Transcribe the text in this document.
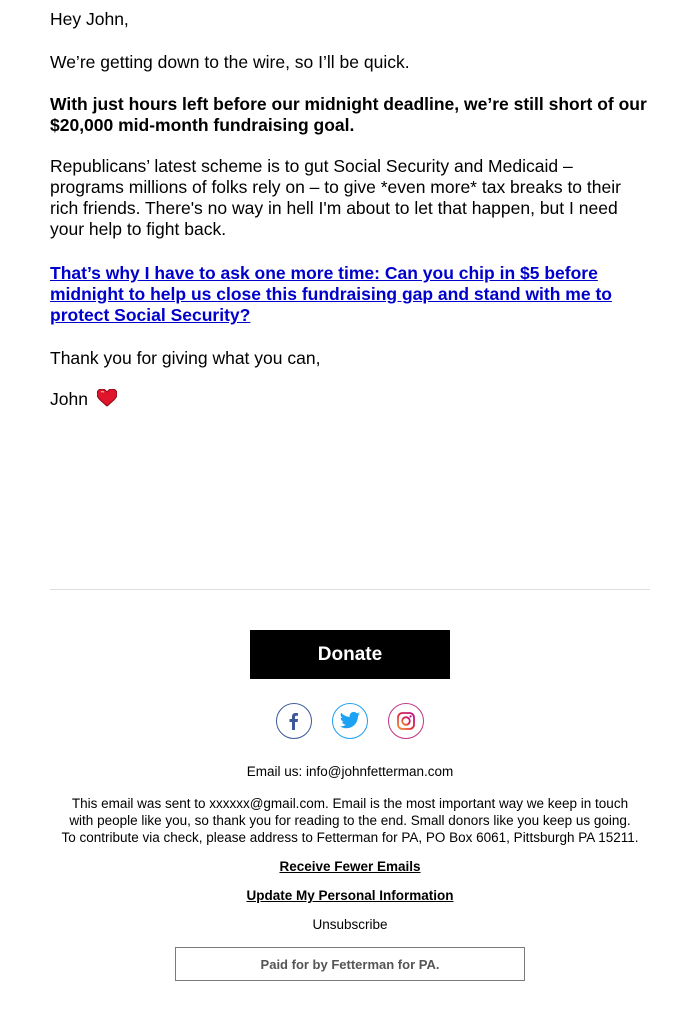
Hey John,

We’re getting down to the wire, so I’ll be quick.

With just hours left before our midnight deadline, we’re still short of our $20,000 mid-month fundraising goal.

Republicans’ latest scheme is to gut Social Security and Medicaid – programs millions of folks rely on – to give *even more* tax breaks to their rich friends. There's no way in hell I'm about to let that happen, but I need your help to fight back.

That’s why I have to ask one more time: Can you chip in $5 before midnight to help us close this fundraising gap and stand with me to protect Social Security?

Thank you for giving what you can,

John

Donate

Email us: info@johnfetterman.com

This email was sent to xxxxxx@gmail.com. Email is the most important way we keep in touch

with people like you, so thank you for reading to the end. Small donors like you keep us going.

To contribute via check, please address to Fetterman for PA, PO Box 6061, Pittsburgh PA 15211.

Receive Fewer Emails

Update My Personal Information

Unsubscribe

Paid for by Fetterman for PA.
